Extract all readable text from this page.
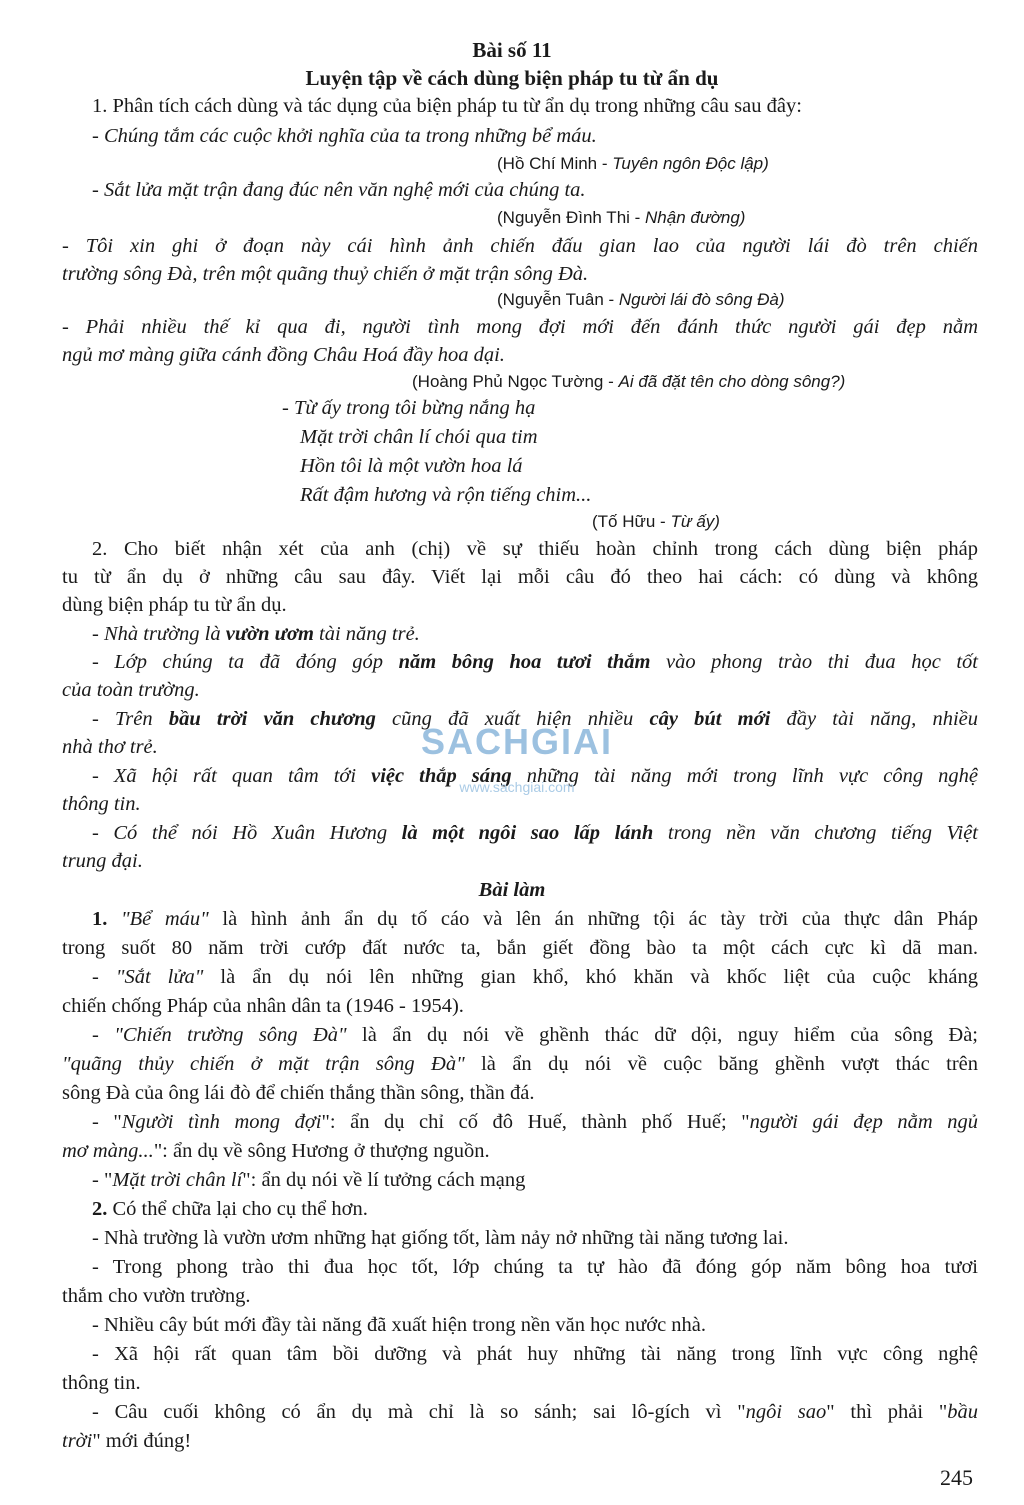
Bài số 11
Luyện tập về cách dùng biện pháp tu từ ẩn dụ
1. Phân tích cách dùng và tác dụng của biện pháp tu từ ẩn dụ trong những câu sau đây:
- Chúng tắm các cuộc khởi nghĩa của ta trong những bể máu.
(Hồ Chí Minh - Tuyên ngôn Độc lập)
- Sắt lửa mặt trận đang đúc nên văn nghệ mới của chúng ta.
(Nguyễn Đình Thi - Nhận đường)
- Tôi xin ghi ở đoạn này cái hình ảnh chiến đấu gian lao của người lái đò trên chiến
trường sông Đà, trên một quãng thuỷ chiến ở mặt trận sông Đà.
(Nguyễn Tuân - Người lái đò sông Đà)
- Phải nhiều thế kỉ qua đi, người tình mong đợi mới đến đánh thức người gái đẹp nằm
ngủ mơ màng giữa cánh đồng Châu Hoá đầy hoa dại.
(Hoàng Phủ Ngọc Tường - Ai đã đặt tên cho dòng sông?)
- Từ ấy trong tôi bừng nắng hạ
Mặt trời chân lí chói qua tim
Hồn tôi là một vườn hoa lá
Rất đậm hương và rộn tiếng chim...
(Tố Hữu - Từ ấy)
2. Cho biết nhận xét của anh (chị) về sự thiếu hoàn chỉnh trong cách dùng biện pháp
tu từ ẩn dụ ở những câu sau đây. Viết lại mỗi câu đó theo hai cách: có dùng và không
dùng biện pháp tu từ ẩn dụ.
- Nhà trường là vườn ươm tài năng trẻ.
- Lớp chúng ta đã đóng góp năm bông hoa tươi thắm vào phong trào thi đua học tốt
của toàn trường.
- Trên bầu trời văn chương cũng đã xuất hiện nhiều cây bút mới đầy tài năng, nhiều
nhà thơ trẻ.
- Xã hội rất quan tâm tới việc thắp sáng những tài năng mới trong lĩnh vực công nghệ
thông tin.
- Có thể nói Hồ Xuân Hương là một ngôi sao lấp lánh trong nền văn chương tiếng Việt
trung đại.
Bài làm
1. "Bể máu" là hình ảnh ẩn dụ tố cáo và lên án những tội ác tày trời của thực dân Pháp
trong suốt 80 năm trời cướp đất nước ta, bắn giết đồng bào ta một cách cực kì dã man.
- "Sắt lửa" là ẩn dụ nói lên những gian khổ, khó khăn và khốc liệt của cuộc kháng
chiến chống Pháp của nhân dân ta (1946 - 1954).
- "Chiến trường sông Đà" là ẩn dụ nói về ghềnh thác dữ dội, nguy hiểm của sông Đà;
"quãng thủy chiến ở mặt trận sông Đà" là ẩn dụ nói về cuộc băng ghềnh vượt thác trên
sông Đà của ông lái đò để chiến thắng thần sông, thần đá.
- "Người tình mong đợi": ẩn dụ chỉ cố đô Huế, thành phố Huế; "người gái đẹp nằm ngủ
mơ màng...": ẩn dụ về sông Hương ở thượng nguồn.
- "Mặt trời chân lí": ẩn dụ nói về lí tưởng cách mạng
2. Có thể chữa lại cho cụ thể hơn.
- Nhà trường là vườn ươm những hạt giống tốt, làm nảy nở những tài năng tương lai.
- Trong phong trào thi đua học tốt, lớp chúng ta tự hào đã đóng góp năm bông hoa tươi
thắm cho vườn trường.
- Nhiều cây bút mới đầy tài năng đã xuất hiện trong nền văn học nước nhà.
- Xã hội rất quan tâm bồi dưỡng và phát huy những tài năng trong lĩnh vực công nghệ
thông tin.
- Câu cuối không có ẩn dụ mà chỉ là so sánh; sai lô-gích vì "ngôi sao" thì phải "bầu
trời" mới đúng!
SACHGIAI
www.sachgiai.com
245
